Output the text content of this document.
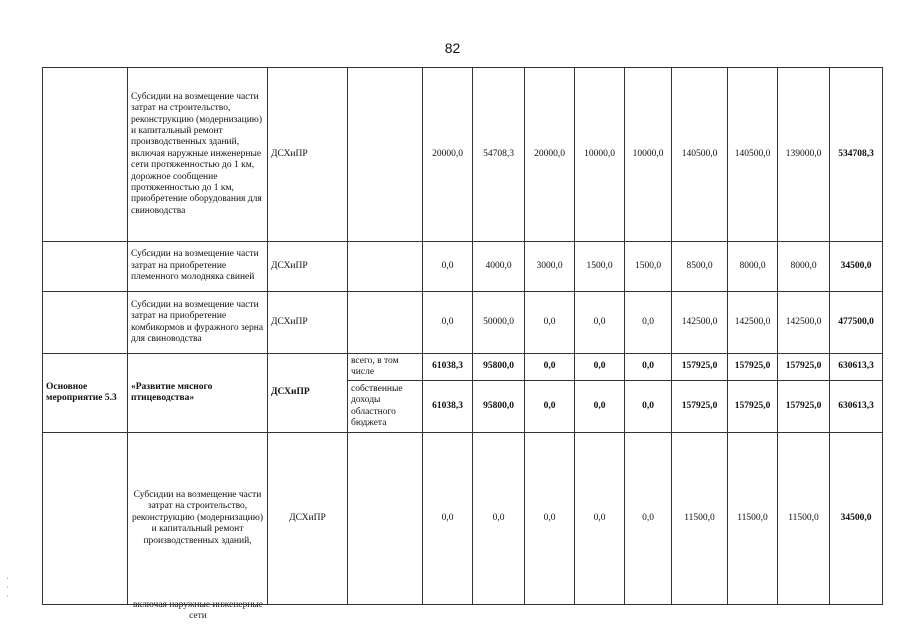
82
	Субсидии на возмещение части затрат на строительство, реконструкцию (модернизацию) и капитальный ремонт производственных зданий, включая наружные инженерные сети протяженностью до 1 км, дорожное сообщение протяженностью до 1 км, приобретение оборудования для свиноводства	ДСХиПР		20000,0	54708,3	20000,0	10000,0	10000,0	140500,0	140500,0	139000,0	534708,3
	Субсидии на возмещение части затрат на приобретение племенного молодняка свиней	ДСХиПР		0,0	4000,0	3000,0	1500,0	1500,0	8500,0	8000,0	8000,0	34500,0
	Субсидии на возмещение части затрат на приобретение комбикормов и фуражного зерна для свиноводства	ДСХиПР		0,0	50000,0	0,0	0,0	0,0	142500,0	142500,0	142500,0	477500,0
Основное мероприятие 5.3	«Развитие мясного птицеводства»	ДСХиПР	всего, в том числе	61038,3	95800,0	0,0	0,0	0,0	157925,0	157925,0	157925,0	630613,3
			собственные доходы областного бюджета	61038,3	95800,0	0,0	0,0	0,0	157925,0	157925,0	157925,0	630613,3
	Субсидии на возмещение части затрат на строительство, реконструкцию (модернизацию) и капитальный ремонт производственных зданий,	ДСХиПР		0,0	0,0	0,0	0,0	0,0	11500,0	11500,0	11500,0	34500,0
включая наружные инженерные сети
·
·
·
